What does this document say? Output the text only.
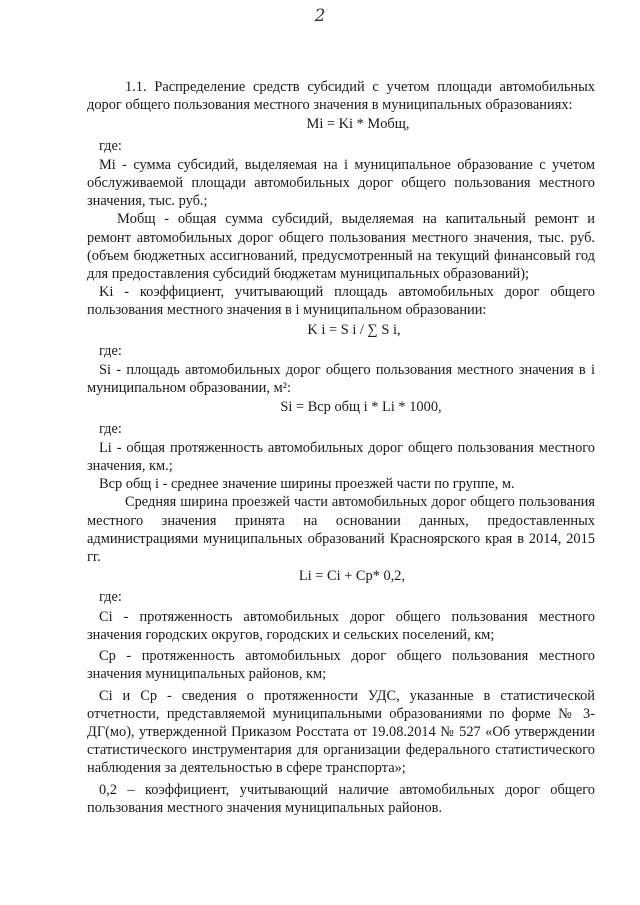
2

1.1. Распределение средств субсидий с учетом площади автомобильных дорог общего пользования местного значения в муниципальных образованиях:

Mi = Ki * Mобщ,
где:

Mi - сумма субсидий, выделяемая на i муниципальное образование с учетом обслуживаемой площади автомобильных дорог общего пользования местного значения, тыс. руб.;

Mобщ - общая сумма субсидий, выделяемая на капитальный ремонт и ремонт автомобильных дорог общего пользования местного значения, тыс. руб. (объем бюджетных ассигнований, предусмотренный на текущий финансовый год для предоставления субсидий бюджетам муниципальных образований);

Ki - коэффициент, учитывающий площадь автомобильных дорог общего пользования местного значения в i муниципальном образовании:

K i = S i / ∑ S i,
где:

Si - площадь автомобильных дорог общего пользования местного значения в i муниципальном образовании, м²:

Si = Bср общ i * Li * 1000,
где:

Li - общая протяженность автомобильных дорог общего пользования местного значения, км.;

Bср общ i - среднее значение ширины проезжей части по группе, м.

Средняя ширина проезжей части автомобильных дорог общего пользования местного значения принята на основании данных, предоставленных администрациями муниципальных образований Красноярского края в 2014, 2015 гг.

Li = Ci + Cp* 0,2,
где:

Ci - протяженность автомобильных дорог общего пользования местного значения городских округов, городских и сельских поселений, км;

Cp - протяженность автомобильных дорог общего пользования местного значения муниципальных районов, км;

Ci и Cp - сведения о протяженности УДС, указанные в статистической отчетности, представляемой муниципальными образованиями по форме № 3-ДГ(мо), утвержденной Приказом Росстата от 19.08.2014 № 527 «Об утверждении статистического инструментария для организации федерального статистического наблюдения за деятельностью в сфере транспорта»;

0,2 – коэффициент, учитывающий наличие автомобильных дорог общего пользования местного значения муниципальных районов.
